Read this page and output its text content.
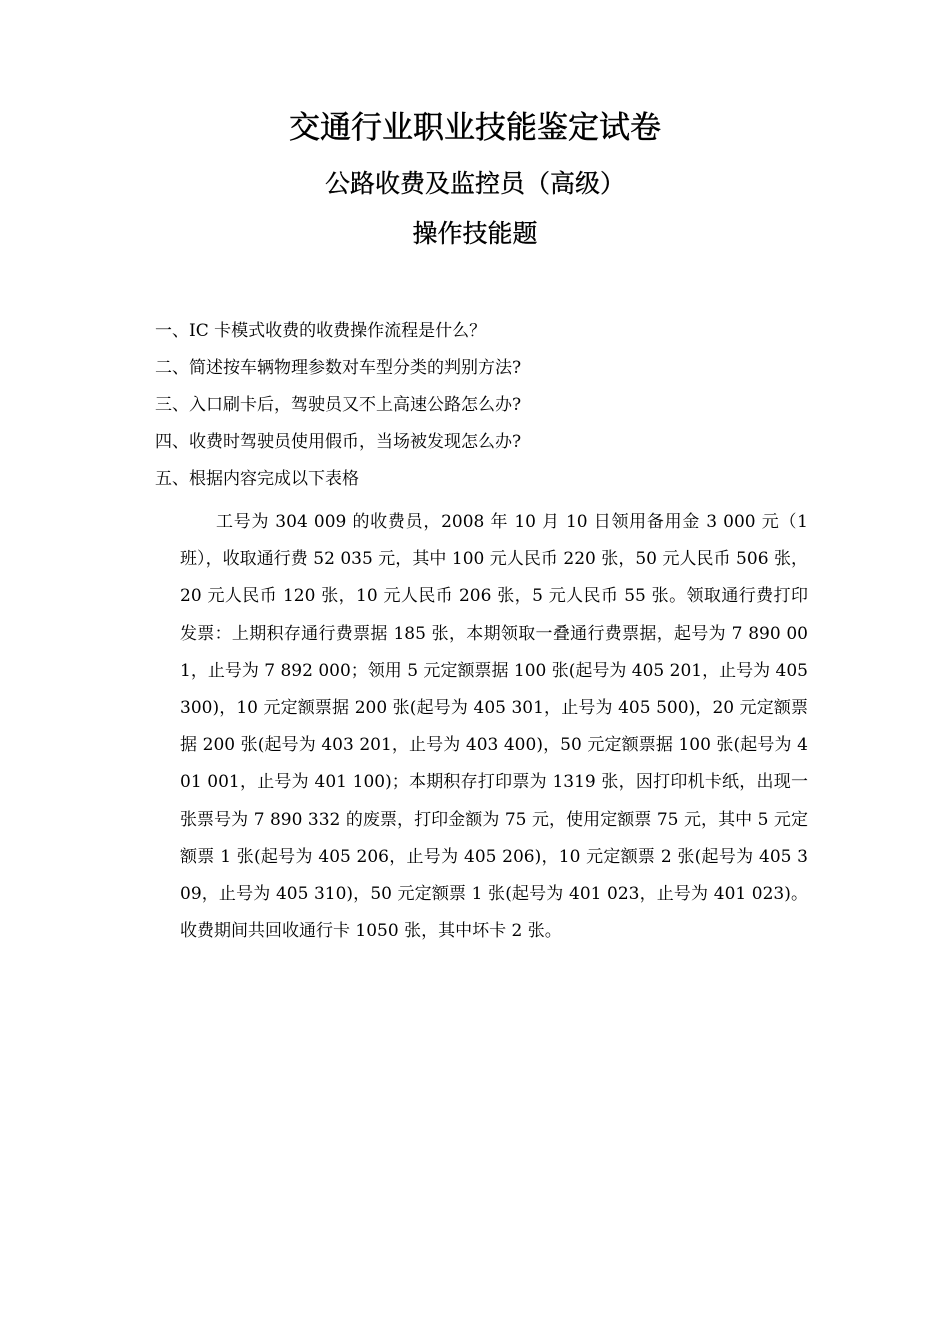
交通行业职业技能鉴定试卷
公路收费及监控员（高级）
操作技能题
一、IC 卡模式收费的收费操作流程是什么？
二、简述按车辆物理参数对车型分类的判别方法?
三、入口刷卡后，驾驶员又不上高速公路怎么办?
四、收费时驾驶员使用假币，当场被发现怎么办?
五、根据内容完成以下表格

工号为 304 009 的收费员，2008 年 10 月 10 日领用备用金 3 000 元（1 班），收取通行费 52 035 元，其中 100 元人民币 220 张，50 元人民币 506 张，20 元人民币 120 张，10 元人民币 206 张，5 元人民币 55 张。领取通行费打印发票：上期积存通行费票据 185 张，本期领取一叠通行费票据，起号为 7 890 001，止号为 7 892 000；领用 5 元定额票据 100 张(起号为 405 201，止号为 405 300)，10 元定额票据 200 张(起号为 405 301，止号为 405 500)，20 元定额票据 200 张(起号为 403 201，止号为 403 400)，50 元定额票据 100 张(起号为 401 001，止号为 401 100)；本期积存打印票为 1319 张，因打印机卡纸，出现一张票号为 7 890 332 的废票，打印金额为 75 元，使用定额票 75 元，其中 5 元定额票 1 张(起号为 405 206，止号为 405 206)，10 元定额票 2 张(起号为 405 309，止号为 405 310)，50 元定额票 1 张(起号为 401 023，止号为 401 023)。收费期间共回收通行卡 1050 张，其中坏卡 2 张。
